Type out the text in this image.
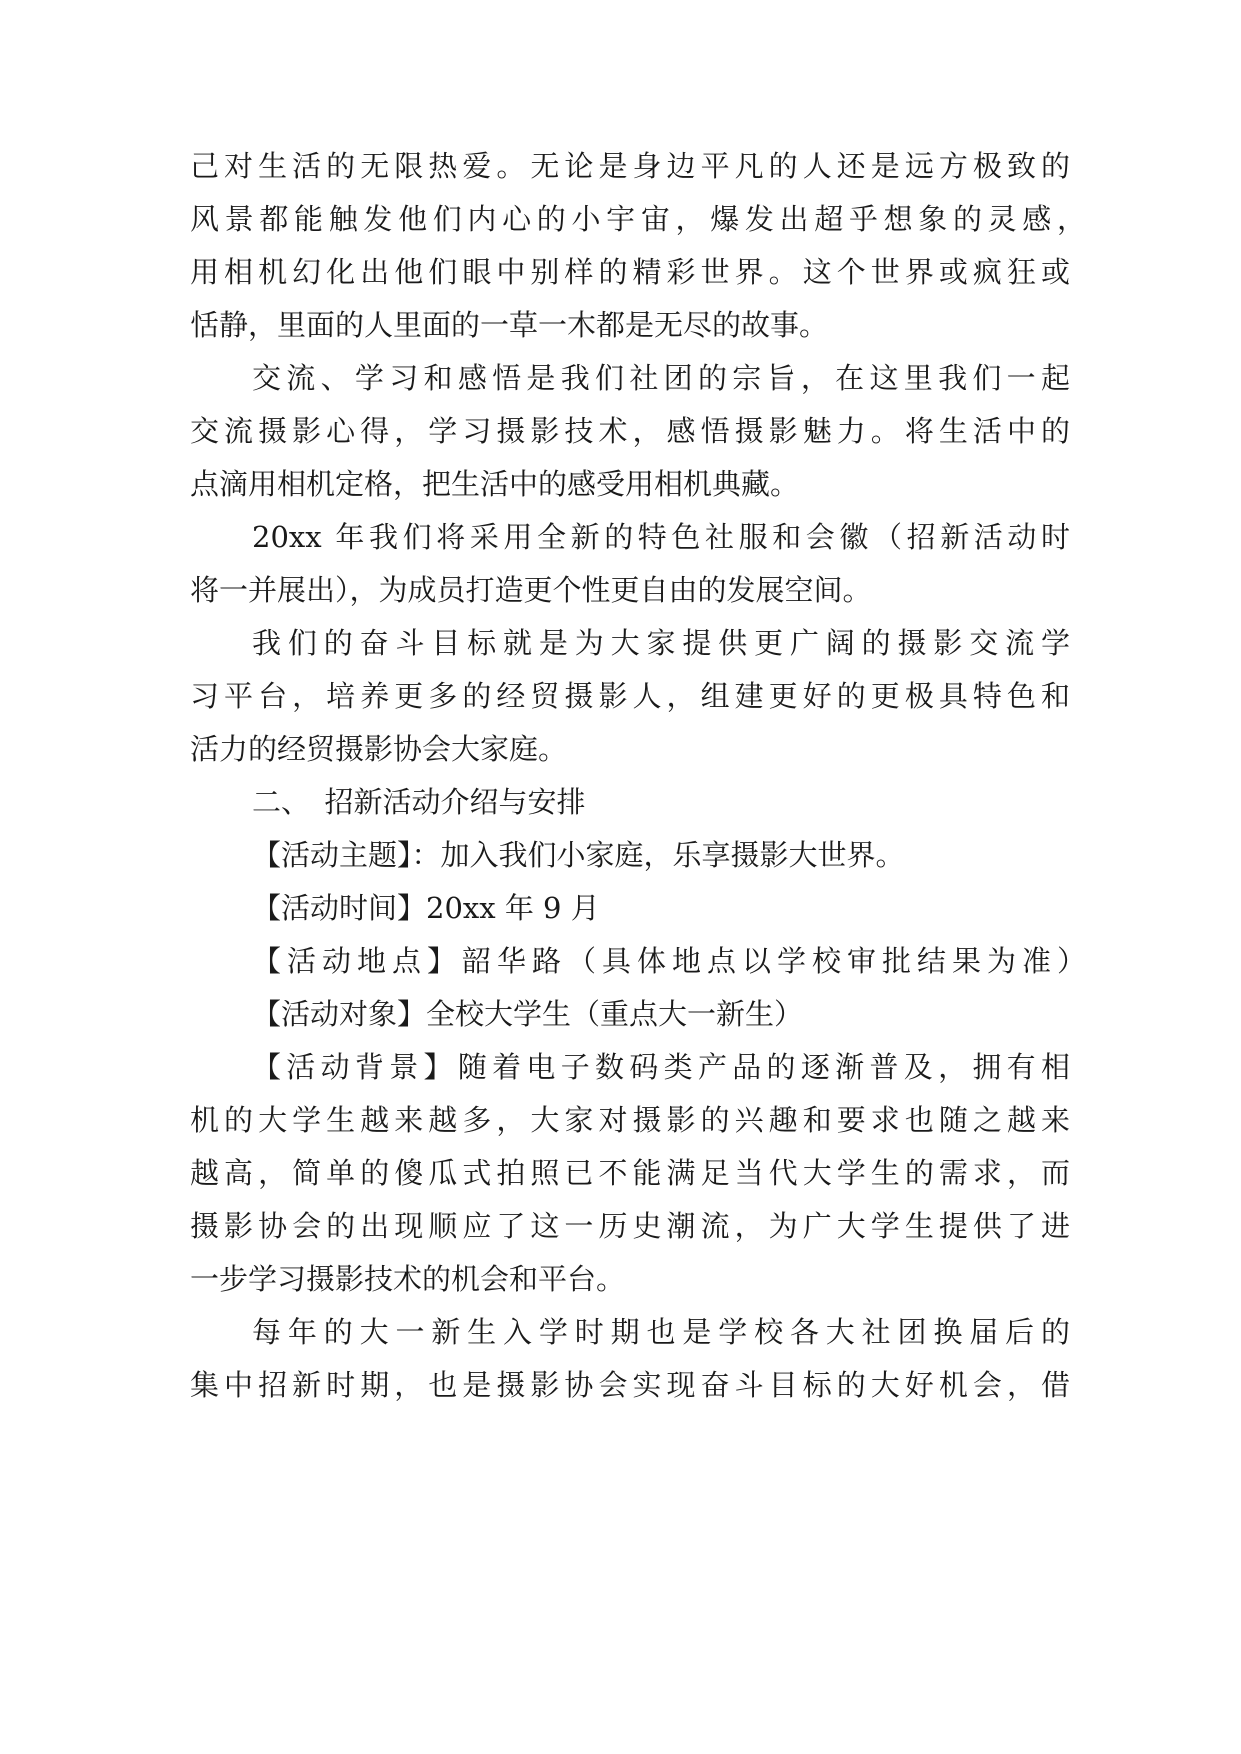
己对生活的无限热爱。无论是身边平凡的人还是远方极致的
风景都能触发他们内心的小宇宙，爆发出超乎想象的灵感，
用相机幻化出他们眼中别样的精彩世界。这个世界或疯狂或
恬静，里面的人里面的一草一木都是无尽的故事。
交流、学习和感悟是我们社团的宗旨，在这里我们一起
交流摄影心得，学习摄影技术，感悟摄影魅力。将生活中的
点滴用相机定格，把生活中的感受用相机典藏。
20xx 年我们将采用全新的特色社服和会徽（招新活动时
将一并展出），为成员打造更个性更自由的发展空间。
我们的奋斗目标就是为大家提供更广阔的摄影交流学
习平台，培养更多的经贸摄影人，组建更好的更极具特色和
活力的经贸摄影协会大家庭。
二、　招新活动介绍与安排
【活动主题】：加入我们小家庭，乐享摄影大世界。
【活动时间】20xx 年 9 月
【活动地点】韶华路（具体地点以学校审批结果为准）
【活动对象】全校大学生（重点大一新生）
【活动背景】随着电子数码类产品的逐渐普及，拥有相
机的大学生越来越多，大家对摄影的兴趣和要求也随之越来
越高，简单的傻瓜式拍照已不能满足当代大学生的需求，而
摄影协会的出现顺应了这一历史潮流，为广大学生提供了进
一步学习摄影技术的机会和平台。
每年的大一新生入学时期也是学校各大社团换届后的
集中招新时期，也是摄影协会实现奋斗目标的大好机会，借
